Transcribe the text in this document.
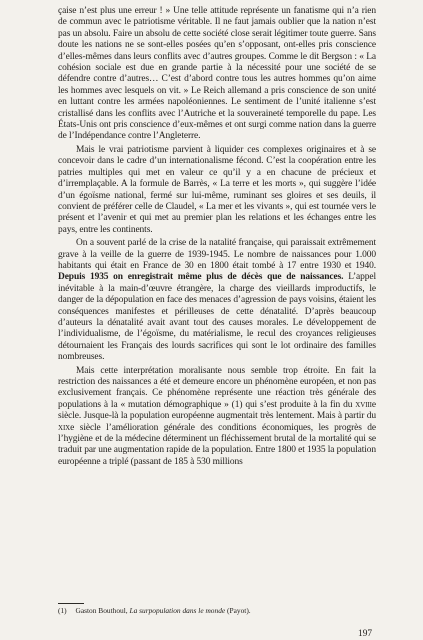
çaise n’est plus une erreur ! » Une telle attitude représente un fanatisme qui n’a rien de commun avec le patriotisme véritable. Il ne faut jamais oublier que la nation n’est pas un absolu. Faire un absolu de cette société close serait légitimer toute guerre. Sans doute les nations ne se sont-elles posées qu’en s’opposant, ont-elles pris conscience d’elles-mêmes dans leurs conflits avec d’autres groupes. Comme le dit Bergson : « La cohésion sociale est due en grande partie à la nécessité pour une société de se défendre contre d’autres… C’est d’abord contre tous les autres hommes qu’on aime les hommes avec lesquels on vit. » Le Reich allemand a pris conscience de son unité en luttant contre les armées napoléoniennes. Le sentiment de l’unité italienne s’est cristallisé dans les conflits avec l’Autriche et la souveraineté temporelle du pape. Les États-Unis ont pris conscience d’eux-mêmes et ont surgi comme nation dans la guerre de l’Indépendance contre l’Angleterre.

Mais le vrai patriotisme parvient à liquider ces complexes originaires et à se concevoir dans le cadre d’un internationalisme fécond. C’est la coopération entre les patries multiples qui met en valeur ce qu’il y a en chacune de précieux et d’irremplaçable. A la formule de Barrès, « La terre et les morts », qui suggère l’idée d’un égoïsme national, fermé sur lui-même, ruminant ses gloires et ses deuils, il convient de préférer celle de Claudel, « La mer et les vivants », qui est tournée vers le présent et l’avenir et qui met au premier plan les relations et les échanges entre les pays, entre les continents.

On a souvent parlé de la crise de la natalité française, qui paraissait extrêmement grave à la veille de la guerre de 1939-1945. Le nombre de naissances pour 1.000 habitants qui était en France de 30 en 1800 était tombé à 17 entre 1930 et 1940. Depuis 1935 on enregistrait même plus de décès que de naissances. L’appel inévitable à la main-d’œuvre étrangère, la charge des vieillards improductifs, le danger de la dépopulation en face des menaces d’agression de pays voisins, étaient les conséquences manifestes et périlleuses de cette dénatalité. D’après beaucoup d’auteurs la dénatalité avait avant tout des causes morales. Le développement de l’individualisme, de l’égoïsme, du matérialisme, le recul des croyances religieuses détournaient les Français des lourds sacrifices qui sont le lot ordinaire des familles nombreuses.

Mais cette interprétation moralisante nous semble trop étroite. En fait la restriction des naissances a été et demeure encore un phénomène européen, et non pas exclusivement français. Ce phénomène représente une réaction très générale des populations à la « mutation démographique » (1) qui s’est produite à la fin du xviiie siècle. Jusque-là la population européenne augmentait très lentement. Mais à partir du xixe siècle l’amélioration générale des conditions économiques, les progrès de l’hygiène et de la médecine déterminent un fléchissement brutal de la mortalité qui se traduit par une augmentation rapide de la population. Entre 1800 et 1935 la population européenne a triplé (passant de 185 à 530 millions

(1) Gaston Bouthoul, La surpopulation dans le monde (Payot).
197
